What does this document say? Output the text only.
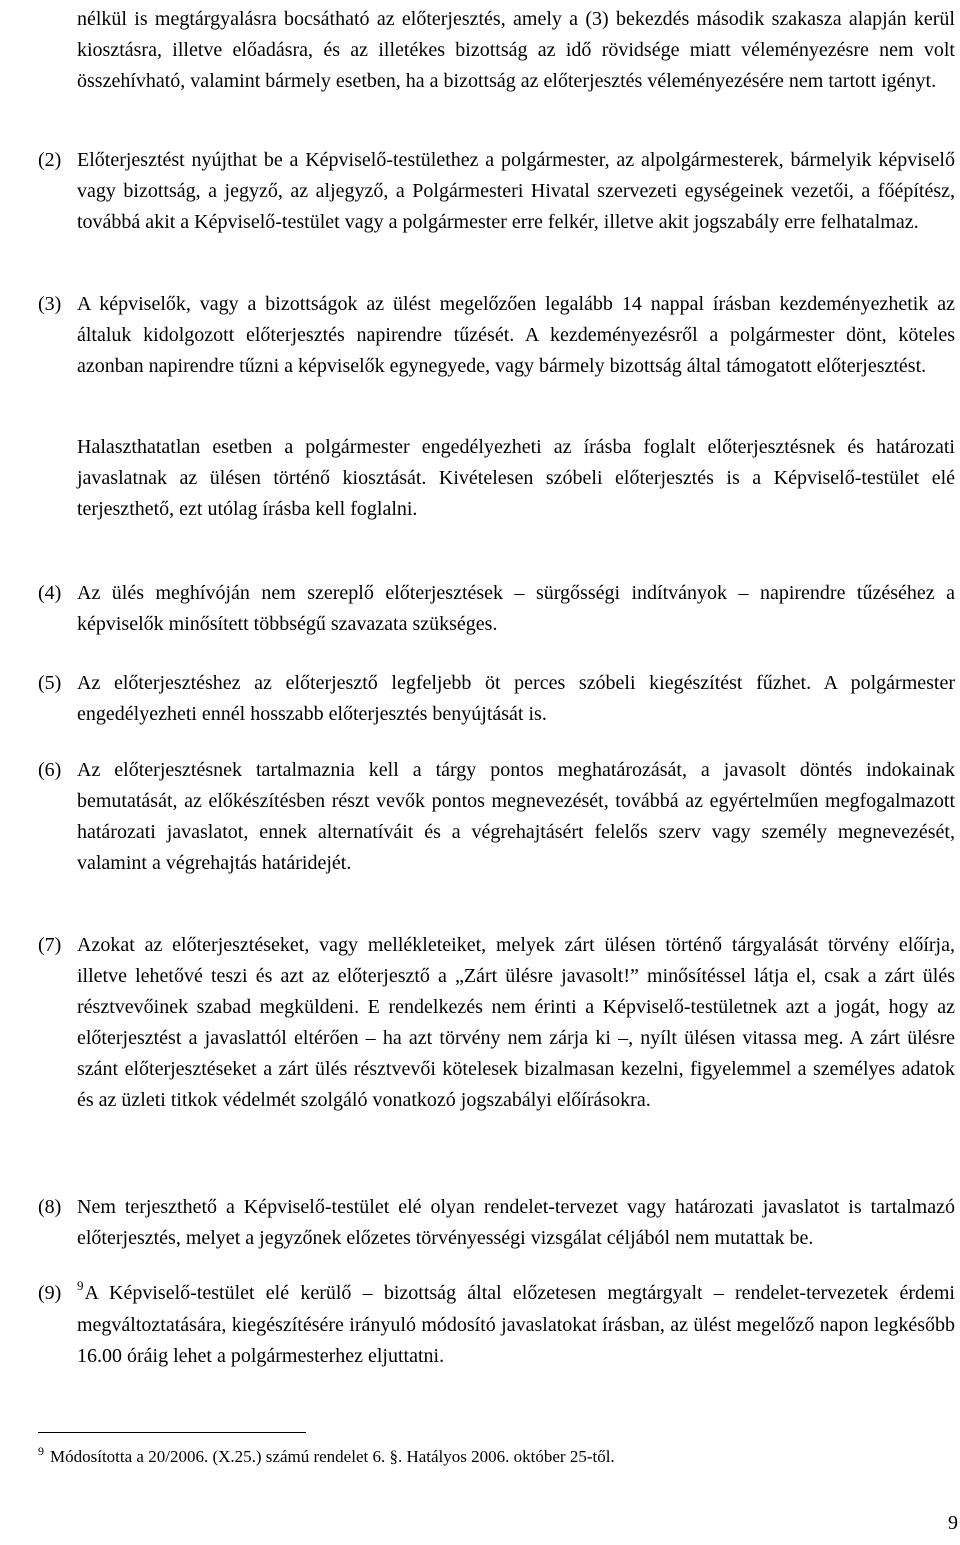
nélkül is megtárgyalásra bocsátható az előterjesztés, amely a (3) bekezdés második szakasza alapján kerül kiosztásra, illetve előadásra, és az illetékes bizottság az idő rövidsége miatt véleményezésre nem volt összehívható, valamint bármely esetben, ha a bizottság az előterjesztés véleményezésére nem tartott igényt.

(2) Előterjesztést nyújthat be a Képviselő-testülethez a polgármester, az alpolgármesterek, bármelyik képviselő vagy bizottság, a jegyző, az aljegyző, a Polgármesteri Hivatal szervezeti egységeinek vezetői, a főépítész, továbbá akit a Képviselő-testület vagy a polgármester erre felkér, illetve akit jogszabály erre felhatalmaz.
(3) A képviselők, vagy a bizottságok az ülést megelőzően legalább 14 nappal írásban kezdeményezhetik az általuk kidolgozott előterjesztés napirendre tűzését. A kezdeményezésről a polgármester dönt, köteles azonban napirendre tűzni a képviselők egynegyede, vagy bármely bizottság által támogatott előterjesztést.

Halaszthatatlan esetben a polgármester engedélyezheti az írásba foglalt előterjesztésnek és határozati javaslatnak az ülésen történő kiosztását. Kivételesen szóbeli előterjesztés is a Képviselő-testület elé terjeszthető, ezt utólag írásba kell foglalni.

(4) Az ülés meghívóján nem szereplő előterjesztések – sürgősségi indítványok – napirendre tűzéséhez a képviselők minősített többségű szavazata szükséges.
(5) Az előterjesztéshez az előterjesztő legfeljebb öt perces szóbeli kiegészítést fűzhet. A polgármester engedélyezheti ennél hosszabb előterjesztés benyújtását is.
(6) Az előterjesztésnek tartalmaznia kell a tárgy pontos meghatározását, a javasolt döntés indokainak bemutatását, az előkészítésben részt vevők pontos megnevezését, továbbá az egyértelműen megfogalmazott határozati javaslatot, ennek alternatíváit és a végrehajtásért felelős szerv vagy személy megnevezését, valamint a végrehajtás határidejét.
(7) Azokat az előterjesztéseket, vagy mellékleteiket, melyek zárt ülésen történő tárgyalását törvény előírja, illetve lehetővé teszi és azt az előterjesztő a „Zárt ülésre javasolt!” minősítéssel látja el, csak a zárt ülés résztvevőinek szabad megküldeni. E rendelkezés nem érinti a Képviselő-testületnek azt a jogát, hogy az előterjesztést a javaslattól eltérően – ha azt törvény nem zárja ki –, nyílt ülésen vitassa meg. A zárt ülésre szánt előterjesztéseket a zárt ülés résztvevői kötelesek bizalmasan kezelni, figyelemmel a személyes adatok és az üzleti titkok védelmét szolgáló vonatkozó jogszabályi előírásokra.
(8) Nem terjeszthető a Képviselő-testület elé olyan rendelet-tervezet vagy határozati javaslatot is tartalmazó előterjesztés, melyet a jegyzőnek előzetes törvényességi vizsgálat céljából nem mutattak be.
(9)	$^9$A Képviselő-testület elé kerülő – bizottság által előzetesen megtárgyalt – rendelet-tervezetek érdemi megváltoztatására, kiegészítésére irányuló módosító javaslatokat írásban, az ülést megelőző napon legkésőbb 16.00 óráig lehet a polgármesterhez eljuttatni.
$^9$ Módosította a 20/2006. (X.25.) számú rendelet 6. §. Hatályos 2006. október 25-től.
9
